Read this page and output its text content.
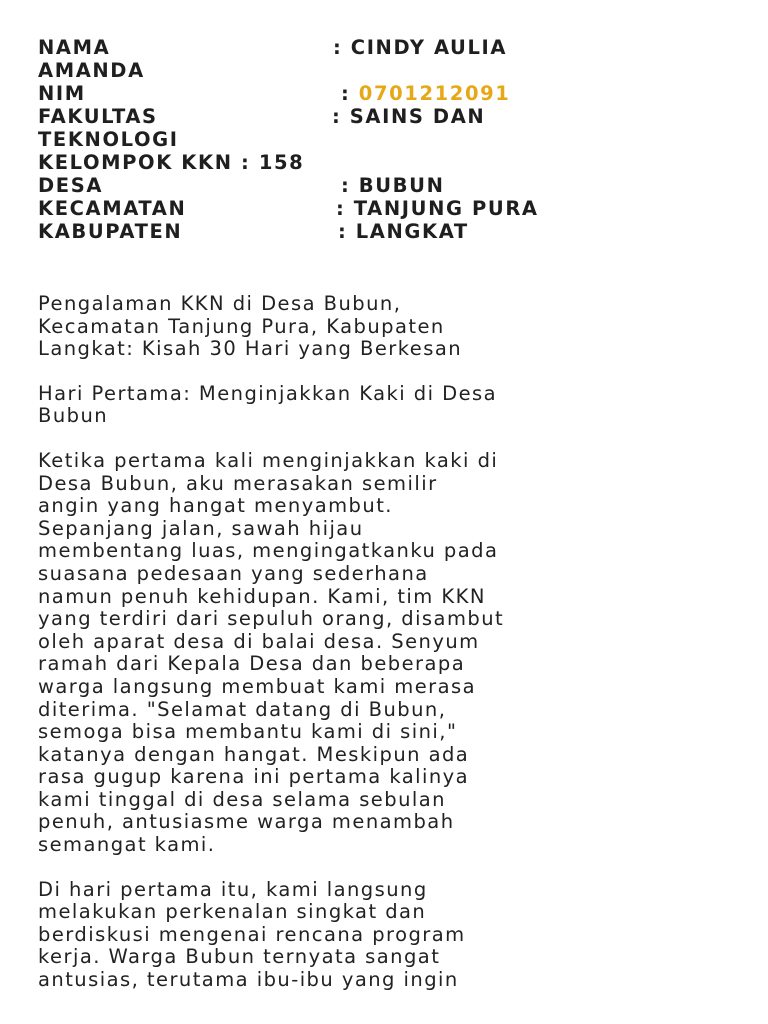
NAMA	: CINDY AULIA
AMANDA
NIM	: 0701212091
FAKULTAS	: SAINS DAN
TEKNOLOGI
KELOMPOK KKN : 158
DESA	: BUBUN
KECAMATAN	: TANJUNG PURA
KABUPATEN	: LANGKAT

Pengalaman KKN di Desa Bubun,

Kecamatan Tanjung Pura, Kabupaten

Langkat: Kisah 30 Hari yang Berkesan

Hari Pertama: Menginjakkan Kaki di Desa

Bubun

Ketika pertama kali menginjakkan kaki di

Desa Bubun, aku merasakan semilir

angin yang hangat menyambut.

Sepanjang jalan, sawah hijau

membentang luas, mengingatkanku pada

suasana pedesaan yang sederhana

namun penuh kehidupan. Kami, tim KKN

yang terdiri dari sepuluh orang, disambut

oleh aparat desa di balai desa. Senyum

ramah dari Kepala Desa dan beberapa

warga langsung membuat kami merasa

diterima. "Selamat datang di Bubun,

semoga bisa membantu kami di sini,"

katanya dengan hangat. Meskipun ada

rasa gugup karena ini pertama kalinya

kami tinggal di desa selama sebulan

penuh, antusiasme warga menambah

semangat kami.

Di hari pertama itu, kami langsung

melakukan perkenalan singkat dan

berdiskusi mengenai rencana program

kerja. Warga Bubun ternyata sangat

antusias, terutama ibu-ibu yang ingin
